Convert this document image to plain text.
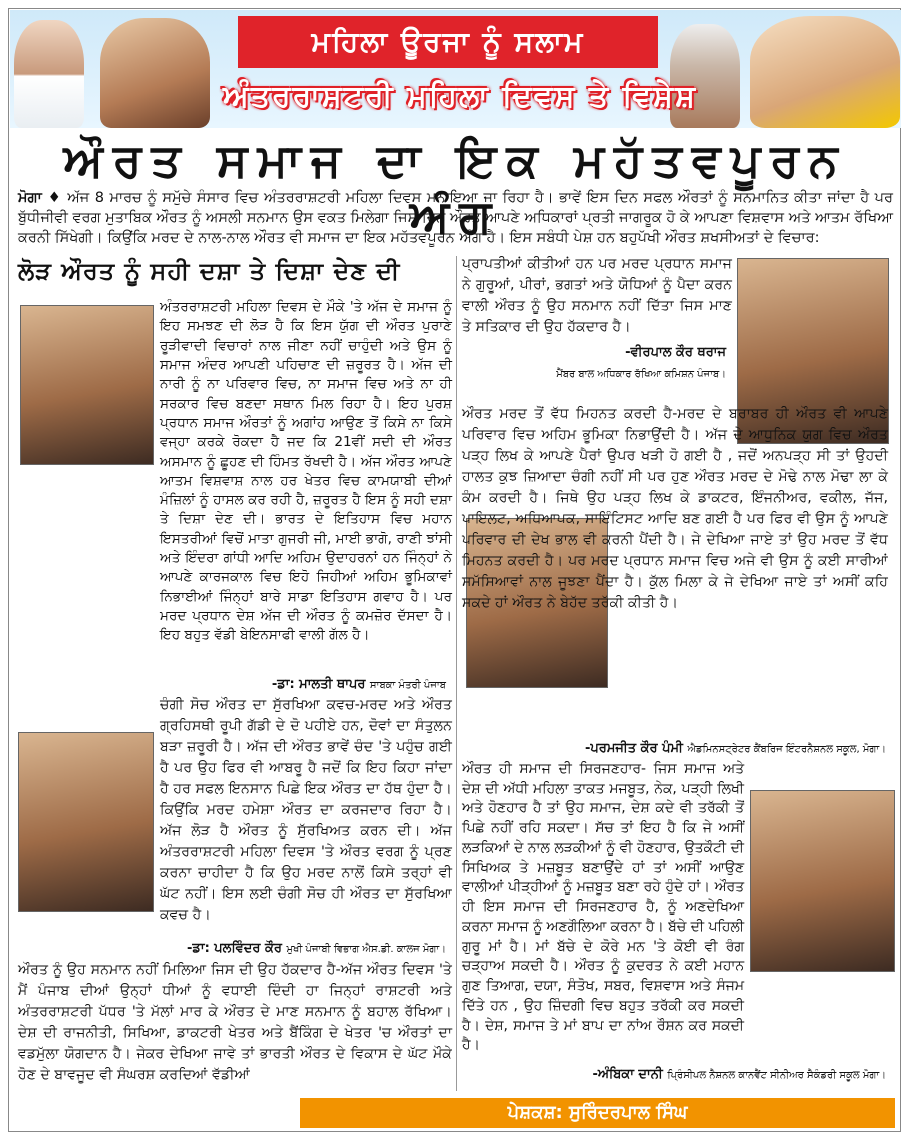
ਮਹਿਲਾ ਊਰਜਾ ਨੂੰ ਸਲਾਮ
ਅੰਤਰਰਾਸ਼ਟਰੀ ਮਹਿਲਾ ਦਿਵਸ ਤੇ ਵਿਸ਼ੇਸ਼
ਔਰਤ ਸਮਾਜ ਦਾ ਇਕ ਮਹੱਤਵਪੂਰਨ ਅੰਗ
ਮੋਗਾ ♦ ਅੱਜ 8 ਮਾਰਚ ਨੂੰ ਸਮੁੱਚੇ ਸੰਸਾਰ ਵਿਚ ਅੰਤਰਰਾਸ਼ਟਰੀ ਮਹਿਲਾ ਦਿਵਸ ਮਨਾਇਆ ਜਾ ਰਿਹਾ ਹੈ। ਭਾਵੇਂ ਇਸ ਦਿਨ ਸਫਲ ਔਰਤਾਂ ਨੂੰ ਸਨਮਾਨਿਤ ਕੀਤਾ ਜਾਂਦਾ ਹੈ ਪਰ ਬੁੱਧੀਜੀਵੀ ਵਰਗ ਮੁਤਾਬਿਕ ਔਰਤ ਨੂੰ ਅਸਲੀ ਸਨਮਾਨ ਉਸ ਵਕਤ ਮਿਲੇਗਾ ਜਿਸ ਦਿਨ ਔਰਤ ਆਪਣੇ ਅਧਿਕਾਰਾਂ ਪ੍ਰਤੀ ਜਾਗਰੂਕ ਹੋ ਕੇ ਆਪਣਾ ਵਿਸ਼ਵਾਸ ਅਤੇ ਆਤਮ ਰੱਖਿਆ ਕਰਨੀ ਸਿੱਖੇਗੀ। ਕਿਉਂਕਿ ਮਰਦ ਦੇ ਨਾਲ-ਨਾਲ ਔਰਤ ਵੀ ਸਮਾਜ ਦਾ ਇਕ ਮਹੱਤਵਪੂਰਨ ਅੰਗ ਹੈ। ਇਸ ਸਬੰਧੀ ਪੇਸ਼ ਹਨ ਬਹੁਪੱਖੀ ਔਰਤ ਸ਼ਖਸੀਅਤਾਂ ਦੇ ਵਿਚਾਰ:
ਲੋੜ ਔਰਤ ਨੂੰ ਸਹੀ ਦਸ਼ਾ ਤੇ ਦਿਸ਼ਾ ਦੇਣ ਦੀ

ਅੰਤਰਰਾਸ਼ਟਰੀ ਮਹਿਲਾ ਦਿਵਸ ਦੇ ਮੌਕੇ 'ਤੇ ਅੱਜ ਦੇ ਸਮਾਜ ਨੂੰ ਇਹ ਸਮਝਣ ਦੀ ਲੋੜ ਹੈ ਕਿ ਇਸ ਯੁੱਗ ਦੀ ਔਰਤ ਪੁਰਾਣੇ ਰੂੜੀਵਾਦੀ ਵਿਚਾਰਾਂ ਨਾਲ ਜੀਣਾ ਨਹੀਂ ਚਾਹੁੰਦੀ ਅਤੇ ਉਸ ਨੂੰ ਸਮਾਜ ਅੰਦਰ ਆਪਣੀ ਪਹਿਚਾਣ ਦੀ ਜ਼ਰੂਰਤ ਹੈ। ਅੱਜ ਦੀ ਨਾਰੀ ਨੂੰ ਨਾ ਪਰਿਵਾਰ ਵਿਚ, ਨਾ ਸਮਾਜ ਵਿਚ ਅਤੇ ਨਾ ਹੀ ਸਰਕਾਰ ਵਿਚ ਬਣਦਾ ਸਥਾਨ ਮਿਲ ਰਿਹਾ ਹੈ। ਇਹ ਪੁਰਸ਼ ਪ੍ਰਧਾਨ ਸਮਾਜ ਔਰਤਾਂ ਨੂੰ ਅਗਾਂਹ ਆਉਣ ਤੋਂ ਕਿਸੇ ਨਾ ਕਿਸੇ ਵਜ੍ਹਾ ਕਰਕੇ ਰੋਕਦਾ ਹੈ ਜਦ ਕਿ 21ਵੀਂ ਸਦੀ ਦੀ ਔਰਤ ਅਸਮਾਨ ਨੂੰ ਛੂਹਣ ਦੀ ਹਿੰਮਤ ਰੱਖਦੀ ਹੈ। ਅੱਜ ਔਰਤ ਆਪਣੇ ਆਤਮ ਵਿਸ਼ਵਾਸ਼ ਨਾਲ ਹਰ ਖੇਤਰ ਵਿਚ ਕਾਮਯਾਬੀ ਦੀਆਂ ਮੰਜ਼ਿਲਾਂ ਨੂੰ ਹਾਸਲ ਕਰ ਰਹੀ ਹੈ, ਜ਼ਰੂਰਤ ਹੈ ਇਸ ਨੂੰ ਸਹੀ ਦਸ਼ਾ ਤੇ ਦਿਸ਼ਾ ਦੇਣ ਦੀ। ਭਾਰਤ ਦੇ ਇਤਿਹਾਸ ਵਿਚ ਮਹਾਨ ਇਸਤਰੀਆਂ ਵਿਚੋਂ ਮਾਤਾ ਗੁਜਰੀ ਜੀ, ਮਾਈ ਭਾਗੋ, ਰਾਣੀ ਝਾਂਸੀ ਅਤੇ ਇੰਦਰਾ ਗਾਂਧੀ ਆਦਿ ਅਹਿਮ ਉਦਾਹਰਨਾਂ ਹਨ ਜਿੰਨ੍ਹਾਂ ਨੇ ਆਪਣੇ ਕਾਰਜਕਾਲ ਵਿਚ ਇਹੋ ਜਿਹੀਆਂ ਅਹਿਮ ਭੂਮਿਕਾਵਾਂ ਨਿਭਾਈਆਂ ਜਿੰਨ੍ਹਾਂ ਬਾਰੇ ਸਾਡਾ ਇਤਿਹਾਸ ਗਵਾਹ ਹੈ। ਪਰ ਮਰਦ ਪ੍ਰਧਾਨ ਦੇਸ਼ ਅੱਜ ਦੀ ਔਰਤ ਨੂੰ ਕਮਜ਼ੋਰ ਦੱਸਦਾ ਹੈ। ਇਹ ਬਹੁਤ ਵੱਡੀ ਬੇਇਨਸਾਫੀ ਵਾਲੀ ਗੱਲ ਹੈ।

-ਡਾ: ਮਾਲਤੀ ਥਾਪਰ ਸਾਬਕਾ ਮੰਤਰੀ ਪੰਜਾਬ

ਚੰਗੀ ਸੋਚ ਔਰਤ ਦਾ ਸੁੱਰਖਿਆ ਕਵਚ-ਮਰਦ ਅਤੇ ਔਰਤ ਗ੍ਰਹਿਸਥੀ ਰੂਪੀ ਗੱਡੀ ਦੇ ਦੋ ਪਹੀਏ ਹਨ, ਦੋਵਾਂ ਦਾ ਸੰਤੁਲਨ ਬੜਾ ਜ਼ਰੂਰੀ ਹੈ। ਅੱਜ ਦੀ ਔਰਤ ਭਾਵੇਂ ਚੰਦ 'ਤੇ ਪਹੁੰਚ ਗਈ ਹੈ ਪਰ ਉਹ ਫਿਰ ਵੀ ਆਬਰੂ ਹੈ ਜਦੋਂ ਕਿ ਇਹ ਕਿਹਾ ਜਾਂਦਾ ਹੈ ਹਰ ਸਫਲ ਇਨਸਾਨ ਪਿਛੇ ਇਕ ਔਰਤ ਦਾ ਹੱਥ ਹੁੰਦਾ ਹੈ। ਕਿਉਂਕਿ ਮਰਦ ਹਮੇਸ਼ਾ ਔਰਤ ਦਾ ਕਰਜਦਾਰ ਰਿਹਾ ਹੈ। ਅੱਜ ਲੋੜ ਹੈ ਔਰਤ ਨੂੰ ਸੁੱਰਖਿਅਤ ਕਰਨ ਦੀ। ਅੱਜ ਅੰਤਰਰਾਸ਼ਟਰੀ ਮਹਿਲਾ ਦਿਵਸ 'ਤੇ ਔਰਤ ਵਰਗ ਨੂੰ ਪ੍ਰਣ ਕਰਨਾ ਚਾਹੀਦਾ ਹੈ ਕਿ ਉਹ ਮਰਦ ਨਾਲੋਂ ਕਿਸੇ ਤਰ੍ਹਾਂ ਵੀ ਘੱਟ ਨਹੀਂ। ਇਸ ਲਈ ਚੰਗੀ ਸੋਚ ਹੀ ਔਰਤ ਦਾ ਸੁੱਰਖਿਆ ਕਵਚ ਹੈ।

-ਡਾ: ਪਲਵਿੰਦਰ ਕੌਰ ਮੁਖੀ ਪੰਜਾਬੀ ਵਿਭਾਗ ਐਸ.ਡੀ. ਕਾਲਜ ਮੋਗਾ।

ਔਰਤ ਨੂੰ ਉਹ ਸਨਮਾਨ ਨਹੀਂ ਮਿਲਿਆ ਜਿਸ ਦੀ ਉਹ ਹੱਕਦਾਰ ਹੈ-ਅੱਜ ਔਰਤ ਦਿਵਸ 'ਤੇ ਮੈਂ ਪੰਜਾਬ ਦੀਆਂ ਉਨ੍ਹਾਂ ਧੀਆਂ ਨੂੰ ਵਧਾਈ ਦਿੰਦੀ ਹਾ ਜਿਨ੍ਹਾਂ ਰਾਸ਼ਟਰੀ ਅਤੇ ਅੰਤਰਰਾਸ਼ਟਰੀ ਪੱਧਰ 'ਤੇ ਮੱਲਾਂ ਮਾਰ ਕੇ ਔਰਤ ਦੇ ਮਾਣ ਸਨਮਾਨ ਨੂੰ ਬਹਾਲ ਰੱਖਿਆ। ਦੇਸ਼ ਦੀ ਰਾਜਨੀਤੀ, ਸਿਖਿਆ, ਡਾਕਟਰੀ ਖੇਤਰ ਅਤੇ ਬੈਂਕਿੰਗ ਦੇ ਖੇਤਰ 'ਚ ਔਰਤਾਂ ਦਾ ਵਡਮੁੱਲਾ ਯੋਗਦਾਨ ਹੈ। ਜੇਕਰ ਦੇਖਿਆ ਜਾਵੇ ਤਾਂ ਭਾਰਤੀ ਔਰਤ ਦੇ ਵਿਕਾਸ ਦੇ ਘੱਟ ਮੌਕੇ ਹੋਣ ਦੇ ਬਾਵਜੂਦ ਵੀ ਸੰਘਰਸ਼ ਕਰਦਿਆਂ ਵੱਡੀਆਂ

ਪ੍ਰਾਪਤੀਆਂ ਕੀਤੀਆਂ ਹਨ ਪਰ ਮਰਦ ਪ੍ਰਧਾਨ ਸਮਾਜ ਨੇ ਗੁਰੂਆਂ, ਪੀਰਾਂ, ਭਗਤਾਂ ਅਤੇ ਯੋਧਿਆਂ ਨੂੰ ਪੈਦਾ ਕਰਨ ਵਾਲੀ ਔਰਤ ਨੂੰ ਉਹ ਸਨਮਾਨ ਨਹੀਂ ਦਿੱਤਾ ਜਿਸ ਮਾਣ ਤੇ ਸਤਿਕਾਰ ਦੀ ਉਹ ਹੱਕਦਾਰ ਹੈ।

-ਵੀਰਪਾਲ ਕੌਰ ਥਰਾਜ
ਮੈਂਬਰ ਬਾਲ ਅਧਿਕਾਰ ਰੱਖਿਆ ਕਮਿਸ਼ਨ ਪੰਜਾਬ।

ਔਰਤ ਮਰਦ ਤੋਂ ਵੱਧ ਮਿਹਨਤ ਕਰਦੀ ਹੈ-ਮਰਦ ਦੇ ਬਰਾਬਰ ਹੀ ਔਰਤ ਵੀ ਆਪਣੇ ਪਰਿਵਾਰ ਵਿਚ ਅਹਿਮ ਭੂਮਿਕਾ ਨਿਭਾਉਂਦੀ ਹੈ। ਅੱਜ ਦੇ ਆਧੁਨਿਕ ਯੁਗ ਵਿਚ ਔਰਤ ਪੜ੍ਹ ਲਿਖ ਕੇ ਆਪਣੇ ਪੈਰਾਂ ਉਪਰ ਖੜੀ ਹੋ ਗਈ ਹੈ , ਜਦੋਂ ਅਨਪੜ੍ਹ ਸੀ ਤਾਂ ਉਹਦੀ ਹਾਲਤ ਕੁਝ ਜ਼ਿਆਦਾ ਚੰਗੀ ਨਹੀਂ ਸੀ ਪਰ ਹੁਣ ਔਰਤ ਮਰਦ ਦੇ ਮੋਢੇ ਨਾਲ ਮੋਢਾ ਲਾ ਕੇ ਕੰਮ ਕਰਦੀ ਹੈ। ਜਿਥੇ ਉਹ ਪੜ੍ਹ ਲਿਖ ਕੇ ਡਾਕਟਰ, ਇੰਜਨੀਅਰ, ਵਕੀਲ, ਜੱਜ, ਪਾਇਲਟ, ਅਧਿਆਪਕ, ਸਾਇੰਟਿਸਟ ਆਦਿ ਬਣ ਗਈ ਹੈ ਪਰ ਫਿਰ ਵੀ ਉਸ ਨੂੰ ਆਪਣੇ ਪਰਿਵਾਰ ਦੀ ਦੇਖ ਭਾਲ ਵੀ ਕਰਨੀ ਪੈਂਦੀ ਹੈ। ਜੇ ਦੇਖਿਆ ਜਾਏ ਤਾਂ ਉਹ ਮਰਦ ਤੋਂ ਵੱਧ ਮਿਹਨਤ ਕਰਦੀ ਹੈ। ਪਰ ਮਰਦ ਪ੍ਰਧਾਨ ਸਮਾਜ ਵਿਚ ਅਜੇ ਵੀ ਉਸ ਨੂੰ ਕਈ ਸਾਰੀਆਂ ਸਮੱਸਿਆਵਾਂ ਨਾਲ ਜੂਝਣਾ ਪੈਂਦਾ ਹੈ। ਕੁੱਲ ਮਿਲਾ ਕੇ ਜੇ ਦੇਖਿਆ ਜਾਏ ਤਾਂ ਅਸੀਂ ਕਹਿ ਸਕਦੇ ਹਾਂ ਔਰਤ ਨੇ ਬੇਹੱਦ ਤਰੱਕੀ ਕੀਤੀ ਹੈ।

-ਪਰਮਜੀਤ ਕੌਰ ਪੰਮੀ ਐਡਮਿਨਸਟ੍ਰੇਟਰ ਕੈਂਬਰਿਜ ਇੰਟਰਨੈਸ਼ਨਲ ਸਕੂਲ, ਮੋਗਾ।

ਔਰਤ ਹੀ ਸਮਾਜ ਦੀ ਸਿਰਜਣਹਾਰ- ਜਿਸ ਸਮਾਜ ਅਤੇ ਦੇਸ਼ ਦੀ ਅੱਧੀ ਮਹਿਲਾ ਤਾਕਤ ਮਜਬੂਤ, ਨੇਕ, ਪੜ੍ਹੀ ਲਿਖੀ ਅਤੇ ਹੋਣਹਾਰ ਹੈ ਤਾਂ ਉਹ ਸਮਾਜ, ਦੇਸ਼ ਕਦੇ ਵੀ ਤਰੱਕੀ ਤੋਂ ਪਿਛੇ ਨਹੀਂ ਰਹਿ ਸਕਦਾ। ਸੱਚ ਤਾਂ ਇਹ ਹੈ ਕਿ ਜੇ ਅਸੀਂ ਲੜਕਿਆਂ ਦੇ ਨਾਲ ਲੜਕੀਆਂ ਨੂੰ ਵੀ ਹੋਣਹਾਰ, ਉਤਕੌਟੀ ਦੀ ਸਿਖਿਅਕ ਤੇ ਮਜ਼ਬੂਤ ਬਣਾਉਂਦੇ ਹਾਂ ਤਾਂ ਅਸੀਂ ਆਉਣ ਵਾਲੀਆਂ ਪੀੜ੍ਹੀਆਂ ਨੂੰ ਮਜ਼ਬੂਤ ਬਣਾ ਰਹੇ ਹੁੰਦੇ ਹਾਂ। ਔਰਤ ਹੀ ਇਸ ਸਮਾਜ ਦੀ ਸਿਰਜਣਹਾਰ ਹੈ, ਨੂੰ ਅਣਦੇਖਿਆ ਕਰਨਾ ਸਮਾਜ ਨੂੰ ਅਣਗੌਲਿਆ ਕਰਨਾ ਹੈ। ਬੱਚੇ ਦੀ ਪਹਿਲੀ ਗੁਰੂ ਮਾਂ ਹੈ। ਮਾਂ ਬੱਚੇ ਦੇ ਕੋਰੇ ਮਨ 'ਤੇ ਕੋਈ ਵੀ ਰੰਗ ਚੜ੍ਹਾਅ ਸਕਦੀ ਹੈ। ਔਰਤ ਨੂੰ ਕੁਦਰਤ ਨੇ ਕਈ ਮਹਾਨ ਗੁਣ ਤਿਆਗ, ਦਯਾ, ਸੰਤੋਖ, ਸਬਰ, ਵਿਸ਼ਵਾਸ ਅਤੇ ਸੰਜਮ ਦਿੱਤੇ ਹਨ , ਉਹ ਜ਼ਿੰਦਗੀ ਵਿਚ ਬਹੁਤ ਤਰੱਕੀ ਕਰ ਸਕਦੀ ਹੈ। ਦੇਸ਼, ਸਮਾਜ ਤੇ ਮਾਂ ਬਾਪ ਦਾ ਨਾਂਅ ਰੌਸ਼ਨ ਕਰ ਸਕਦੀ ਹੈ।

-ਅੰਬਿਕਾ ਦਾਨੀ ਪ੍ਰਿੰਸੀਪਲ ਨੈਸ਼ਨਲ ਕਾਨਵੈਂਟ ਸੀਨੀਅਰ ਸੈਕੰਡਰੀ ਸਕੂਲ ਮੋਗਾ।

ਪੇਸ਼ਕਸ਼: ਸੁਰਿੰਦਰਪਾਲ ਸਿੰਘ
